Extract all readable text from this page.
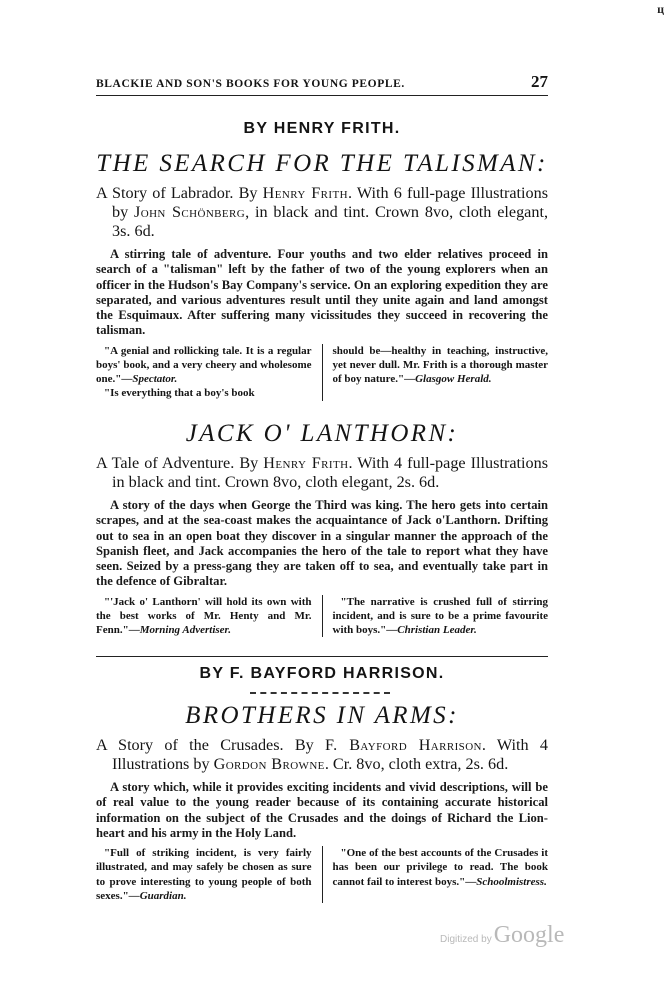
ц
BLACKIE AND SON'S BOOKS FOR YOUNG PEOPLE.	27
BY HENRY FRITH.
THE SEARCH FOR THE TALISMAN:

A Story of Labrador. By Henry Frith. With 6 full-page Illustrations by John Schönberg, in black and tint. Crown 8vo, cloth elegant, 3s. 6d.

A stirring tale of adventure. Four youths and two elder relatives proceed in search of a "talisman" left by the father of two of the young explorers when an officer in the Hudson's Bay Company's service. On an exploring expedition they are separated, and various adventures result until they unite again and land amongst the Esquimaux. After suffering many vicissitudes they succeed in recovering the talisman.

"A genial and rollicking tale. It is a regular boys' book, and a very cheery and wholesome one."—Spectator.

"Is everything that a boy's book

should be—healthy in teaching, instructive, yet never dull. Mr. Frith is a thorough master of boy nature."—Glasgow Herald.

JACK O' LANTHORN:

A Tale of Adventure. By Henry Frith. With 4 full-page Illustrations in black and tint. Crown 8vo, cloth elegant, 2s. 6d.

A story of the days when George the Third was king. The hero gets into certain scrapes, and at the sea-coast makes the acquaintance of Jack o'Lanthorn. Drifting out to sea in an open boat they discover in a singular manner the approach of the Spanish fleet, and Jack accompanies the hero of the tale to report what they have seen. Seized by a press-gang they are taken off to sea, and eventually take part in the defence of Gibraltar.

"'Jack o' Lanthorn' will hold its own with the best works of Mr. Henty and Mr. Fenn."—Morning Advertiser.

"The narrative is crushed full of stirring incident, and is sure to be a prime favourite with boys."—Christian Leader.

BY F. BAYFORD HARRISON.
BROTHERS IN ARMS:

A Story of the Crusades. By F. Bayford Harrison. With 4 Illustrations by Gordon Browne. Cr. 8vo, cloth extra, 2s. 6d.

A story which, while it provides exciting incidents and vivid descriptions, will be of real value to the young reader because of its containing accurate historical information on the subject of the Crusades and the doings of Richard the Lion-heart and his army in the Holy Land.

"Full of striking incident, is very fairly illustrated, and may safely be chosen as sure to prove interesting to young people of both sexes."—Guardian.

"One of the best accounts of the Crusades it has been our privilege to read. The book cannot fail to interest boys."—Schoolmistress.

Digitized by Google
